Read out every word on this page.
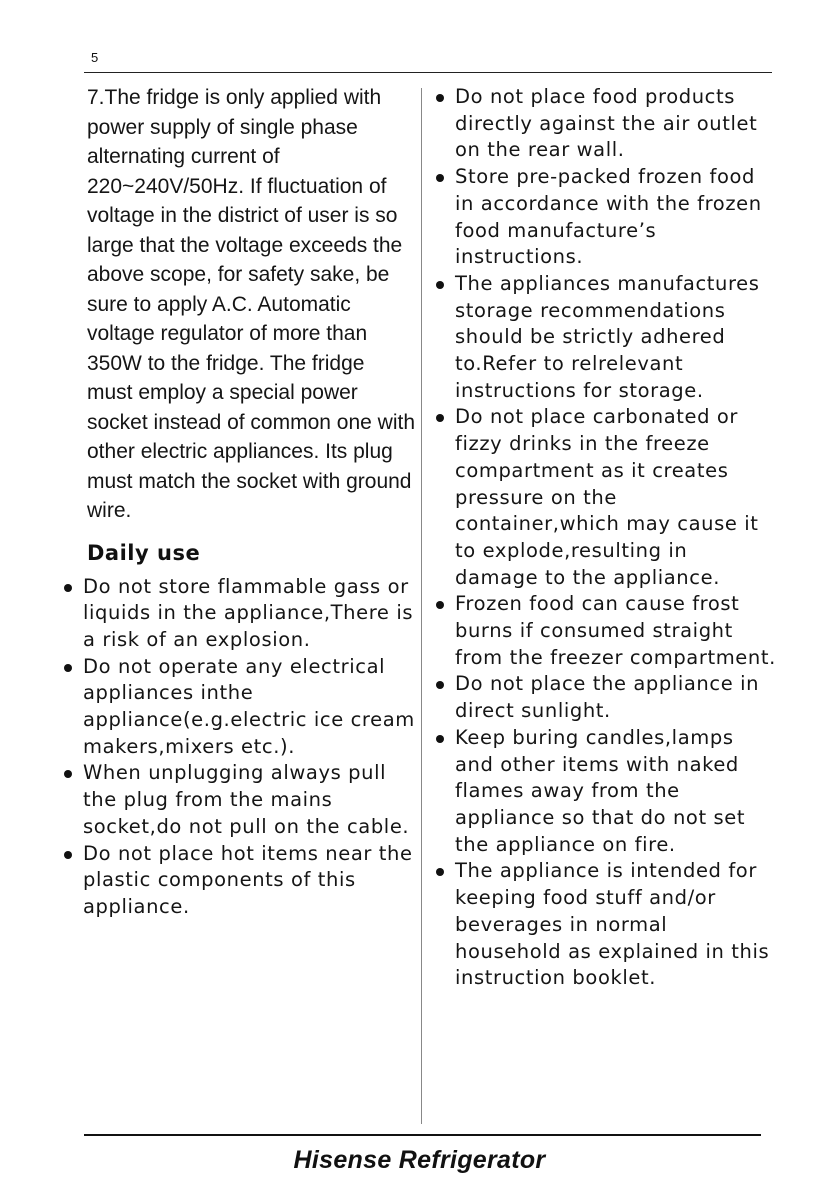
5

7.The fridge is only applied with power supply of single phase alternating current of 220~240V/50Hz. If fluctuation of voltage in the district of user is so large that the voltage exceeds the above scope, for safety sake, be sure to apply A.C. Automatic voltage regulator of more than 350W to the fridge. The fridge must employ a special power socket instead of common one with other electric appliances. Its plug must match the socket with ground wire.

Daily use
Do not store flammable gass or liquids in the appliance,There is a risk of an explosion.
Do not operate any electrical appliances inthe appliance(e.g.electric ice cream makers,mixers etc.).
When unplugging always pull the plug from the mains socket,do not pull on the cable.
Do not place hot items near the plastic components of this appliance.
Do not place food products directly against the air outlet on the rear wall.
Store pre-packed frozen food in accordance with the frozen food manufacture’s instructions.
The appliances manufactures storage recommendations should be strictly adhered to.Refer to relrelevant instructions for storage.
Do not place carbonated or fizzy drinks in the freeze compartment as it creates pressure on the container,which may cause it to explode,resulting in damage to the appliance.
Frozen food can cause frost burns if consumed straight from the freezer compartment.
Do not place the appliance in direct sunlight.
Keep buring candles,lamps and other items with naked flames away from the appliance so that do not set the appliance on fire.
The appliance is intended for keeping food stuff and/or beverages in normal household as explained in this instruction booklet.
Hisense Refrigerator
